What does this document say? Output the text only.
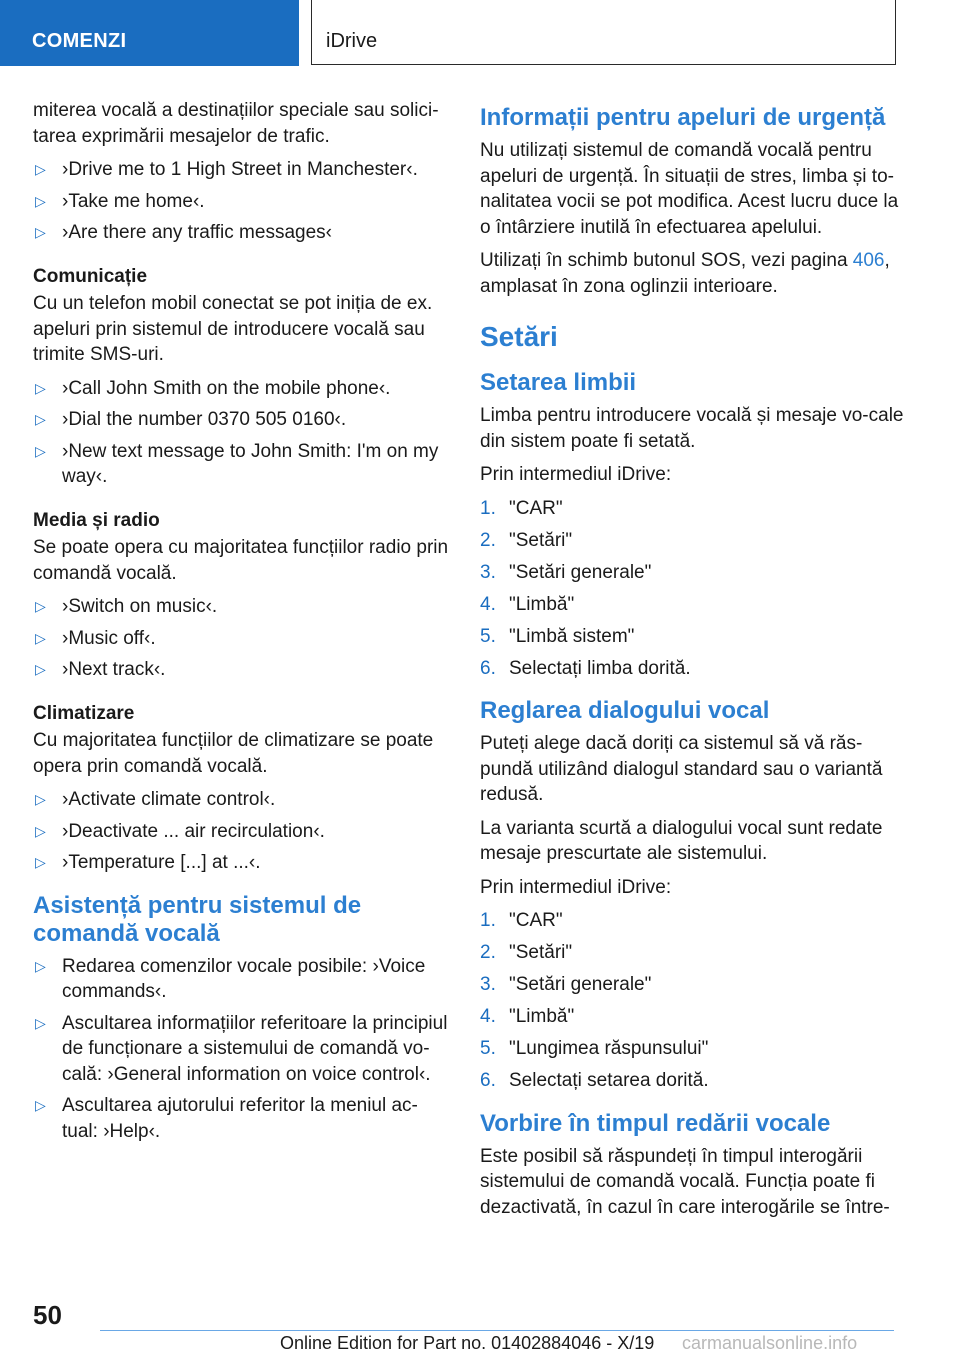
COMENZI	iDrive

miterea vocală a destinațiilor speciale sau solici-tarea exprimării mesajelor de trafic.

▷ ›Drive me to 1 High Street in Manchester‹.
▷ ›Take me home‹.
▷ ›Are there any traffic messages‹
Comunicație

Cu un telefon mobil conectat se pot iniția de ex. apeluri prin sistemul de introducere vocală sau trimite SMS-uri.

▷ ›Call John Smith on the mobile phone‹.
▷ ›Dial the number 0370 505 0160‹.
▷ ›New text message to John Smith: I'm on my way‹.
Media și radio

Se poate opera cu majoritatea funcțiilor radio prin comandă vocală.

▷ ›Switch on music‹.
▷ ›Music off‹.
▷ ›Next track‹.
Climatizare

Cu majoritatea funcțiilor de climatizare se poate opera prin comandă vocală.

▷ ›Activate climate control‹.
▷ ›Deactivate ... air recirculation‹.
▷ ›Temperature [...] at ...‹.
Asistență pentru sistemul de comandă vocală
▷ Redarea comenzilor vocale posibile: ›Voice commands‹.
▷ Ascultarea informațiilor referitoare la principiul de funcționare a sistemului de comandă vo-cală: ›General information on voice control‹.
▷ Ascultarea ajutorului referitor la meniul ac-tual: ›Help‹.
Informații pentru apeluri de urgență

Nu utilizați sistemul de comandă vocală pentru apeluri de urgență. În situații de stres, limba și to-nalitatea vocii se pot modifica. Acest lucru duce la o întârziere inutilă în efectuarea apelului.

Utilizați în schimb butonul SOS, vezi pagina 406, amplasat în zona oglinzii interioare.

Setări
Setarea limbii

Limba pentru introducere vocală și mesaje vo-cale din sistem poate fi setată.

Prin intermediul iDrive:

1. "CAR"
2. "Setări"
3. "Setări generale"
4. "Limbă"
5. "Limbă sistem"
6. Selectați limba dorită.
Reglarea dialogului vocal

Puteți alege dacă doriți ca sistemul să vă răs-pundă utilizând dialogul standard sau o variantă redusă.

La varianta scurtă a dialogului vocal sunt redate mesaje prescurtate ale sistemului.

Prin intermediul iDrive:

1. "CAR"
2. "Setări"
3. "Setări generale"
4. "Limbă"
5. "Lungimea răspunsului"
6. Selectați setarea dorită.
Vorbire în timpul redării vocale

Este posibil să răspundeți în timpul interogării sistemului de comandă vocală. Funcția poate fi dezactivată, în cazul în care interogările se între-

50
Online Edition for Part no. 01402884046 - X/19 carmanualsonline.info
